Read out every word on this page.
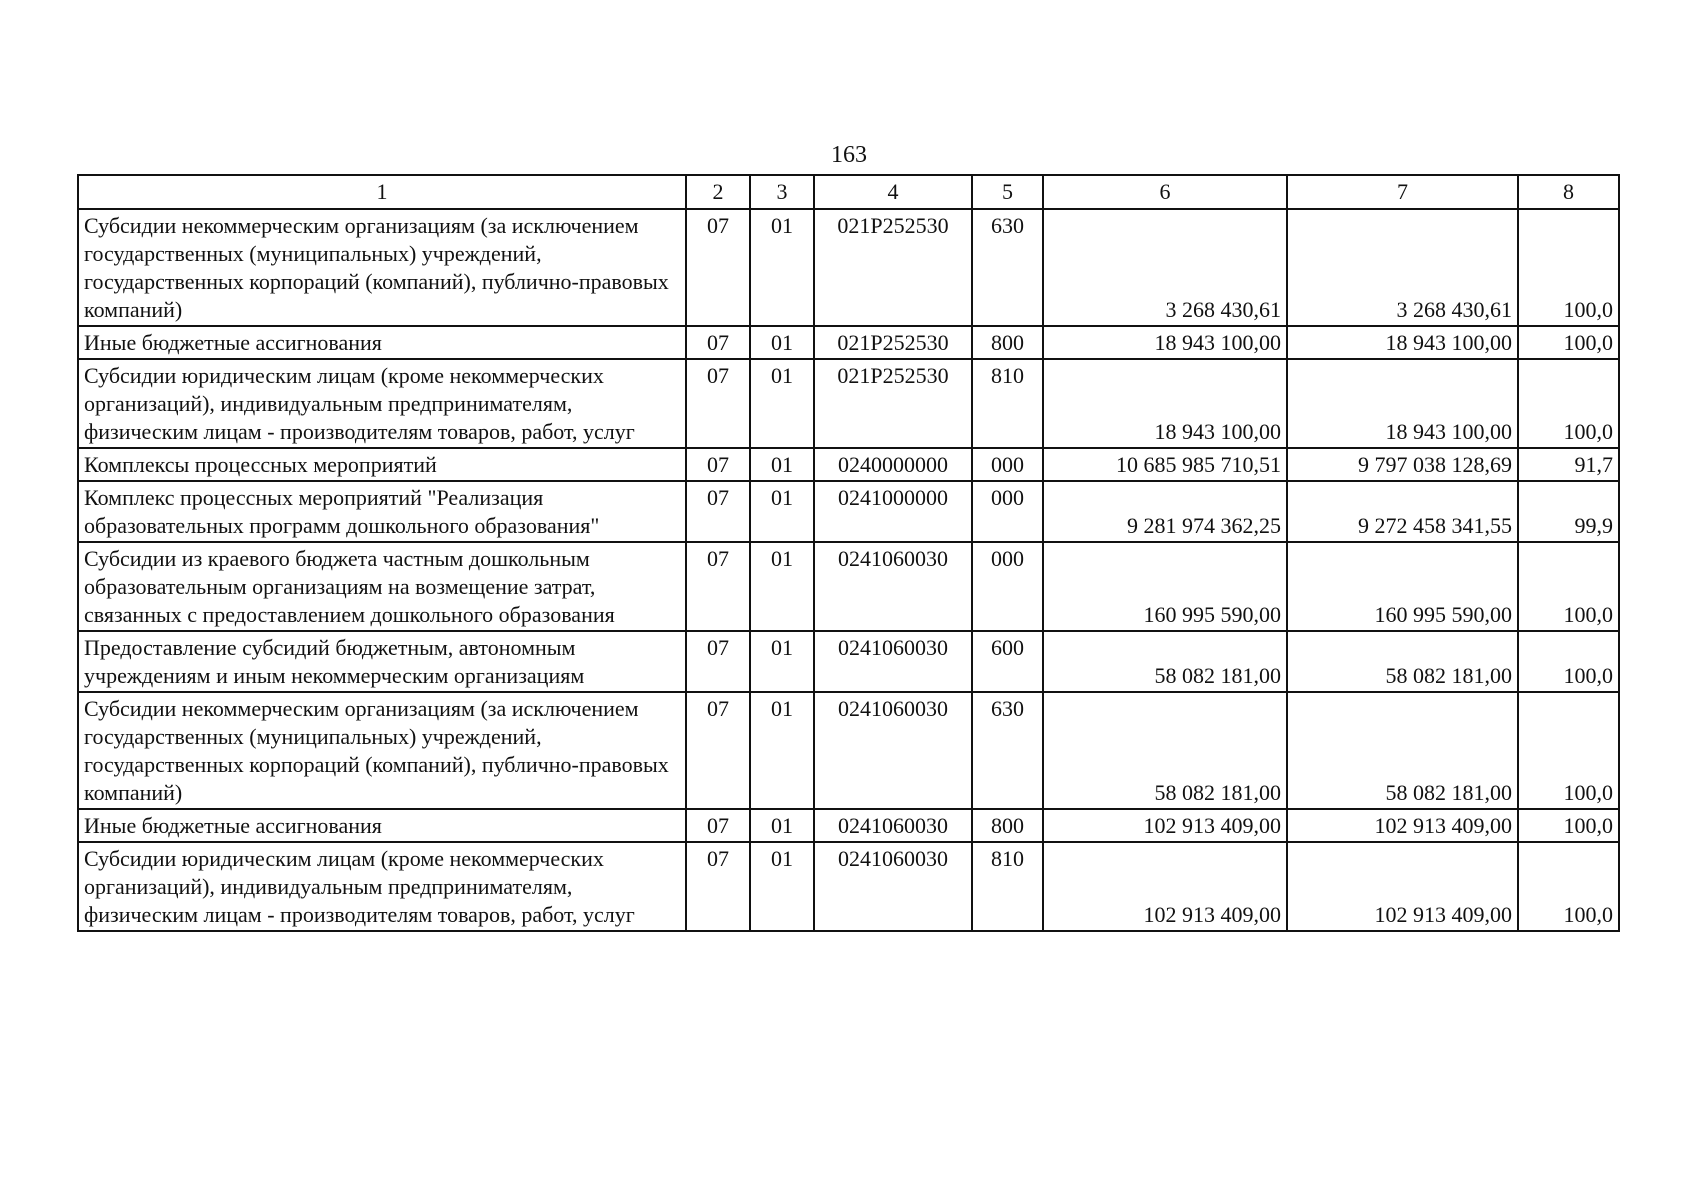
163
1	2	3	4	5	6	7	8
Субсидии некоммерческим организациям (за исключением государственных (муниципальных) учреждений, государственных корпораций (компаний), публично-правовых компаний)	07	01	021P252530	630	3 268 430,61	3 268 430,61	100,0
Иные бюджетные ассигнования	07	01	021P252530	800	18 943 100,00	18 943 100,00	100,0
Субсидии юридическим лицам (кроме некоммерческих организаций), индивидуальным предпринимателям, физическим лицам - производителям товаров, работ, услуг	07	01	021P252530	810	18 943 100,00	18 943 100,00	100,0
Комплексы процессных мероприятий	07	01	0240000000	000	10 685 985 710,51	9 797 038 128,69	91,7
Комплекс процессных мероприятий "Реализация образовательных программ дошкольного образования"	07	01	0241000000	000	9 281 974 362,25	9 272 458 341,55	99,9
Субсидии из краевого бюджета частным дошкольным образовательным организациям на возмещение затрат, связанных с предоставлением дошкольного образования	07	01	0241060030	000	160 995 590,00	160 995 590,00	100,0
Предоставление субсидий бюджетным, автономным учреждениям и иным некоммерческим организациям	07	01	0241060030	600	58 082 181,00	58 082 181,00	100,0
Субсидии некоммерческим организациям (за исключением государственных (муниципальных) учреждений, государственных корпораций (компаний), публично-правовых компаний)	07	01	0241060030	630	58 082 181,00	58 082 181,00	100,0
Иные бюджетные ассигнования	07	01	0241060030	800	102 913 409,00	102 913 409,00	100,0
Субсидии юридическим лицам (кроме некоммерческих организаций), индивидуальным предпринимателям, физическим лицам - производителям товаров, работ, услуг	07	01	0241060030	810	102 913 409,00	102 913 409,00	100,0
